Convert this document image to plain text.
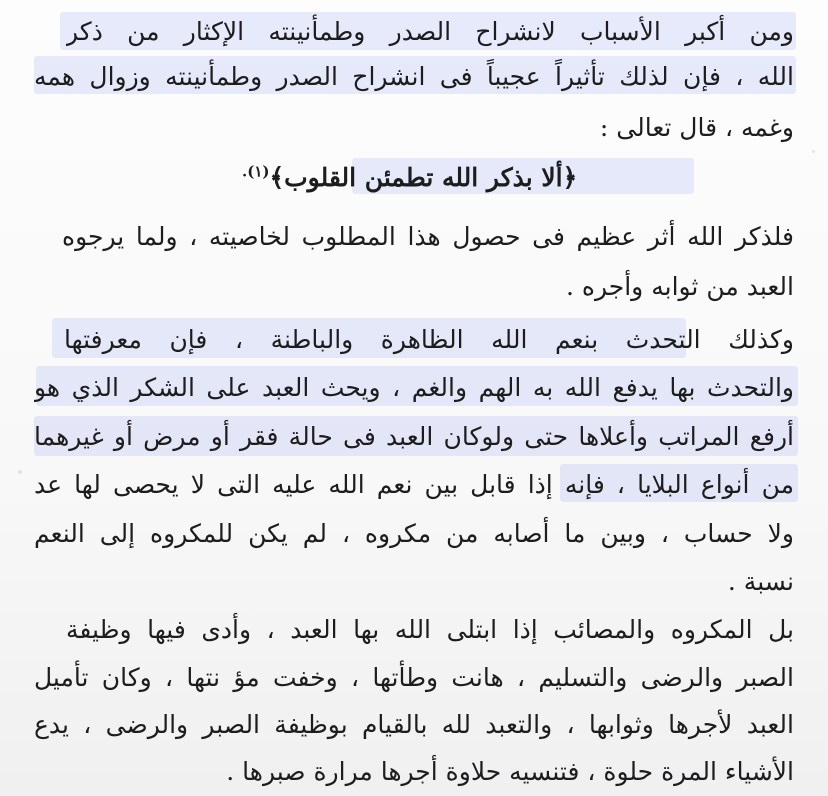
ومن أكبر الأسباب لانشراح الصدر وطمأنينته الإكثار من ذكر
الله ، فإن لذلك تأثيراً عجيباً فى انشراح الصدر وطمأنينته وزوال همه
وغمه ، قال تعالى :
﴿ألا بذكر الله تطمئن القلوب﴾$^{(١).}$
فلذكر الله أثر عظيم فى حصول هذا المطلوب لخاصيته ، ولما يرجوه
العبد من ثوابه وأجره .
وكذلك التحدث بنعم الله الظاهرة والباطنة ، فإن معرفتها
والتحدث بها يدفع الله به الهم والغم ، ويحث العبد على الشكر الذي هو
أرفع المراتب وأعلاها حتى ولوكان العبد فى حالة فقر أو مرض أو غيرهما
من أنواع البلايا ، فإنه إذا قابل بين نعم الله عليه التى لا يحصى لها عد
ولا حساب ، وبين ما أصابه من مكروه ، لم يكن للمكروه إلى النعم
نسبة .
بل المكروه والمصائب إذا ابتلى الله بها العبد ، وأدى فيها وظيفة
الصبر والرضى والتسليم ، هانت وطأتها ، وخفت مؤ نتها ، وكان تأميل
العبد لأجرها وثوابها ، والتعبد لله بالقيام بوظيفة الصبر والرضى ، يدع
الأشياء المرة حلوة ، فتنسيه حلاوة أجرها مرارة صبرها .
